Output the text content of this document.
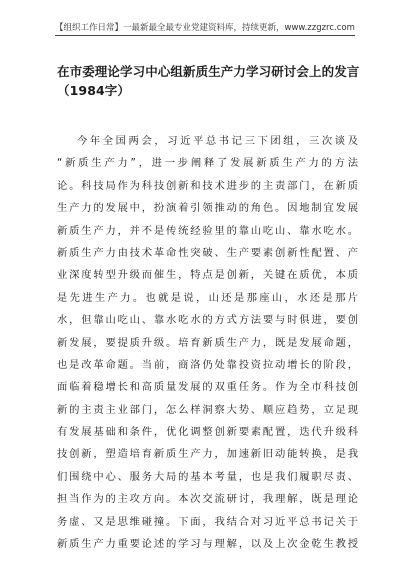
【组织工作日常】一最新最全最专业党建资料库，持续更新，www.zzgzrc.com
在市委理论学习中心组新质生产力学习研讨会上的发言
（1984字）
今年全国两会，习近平总书记三下团组，三次谈及
“新质生产力”，进一步阐释了发展新质生产力的方法
论。科技局作为科技创新和技术进步的主责部门，在新质
生产力的发展中，扮演着引领推动的角色。因地制宜发展
新质生产力，并不是传统经验里的靠山吃山、靠水吃水。
新质生产力由技术革命性突破、生产要素创新性配置、产
业深度转型升级而催生，特点是创新，关键在质优，本质
是先进生产力。也就是说，山还是那座山，水还是那片
水，但靠山吃山、靠水吃水的方式方法要与时俱进，要创
新发展，要提质升级。培育新质生产力，既是发展命题，
也是改革命题。当前，商洛仍处靠投资拉动增长的阶段，
面临着稳增长和高质量发展的双重任务。作为全市科技创
新的主责主业部门，怎么样洞察大势、顺应趋势，立足现
有发展基础和条件，优化调整创新要素配置，迭代升级科
技创新，塑造培育新质生产力，加速新旧动能转换，是我
们围绕中心、服务大局的基本考量，也是我们履职尽责、
担当作为的主攻方向。本次交流研讨，我理解，既是理论
务虚、又是思维碰撞。下面，我结合对习近平总书记关于
新质生产力重要论述的学习与理解，以及上次金乾生教授
